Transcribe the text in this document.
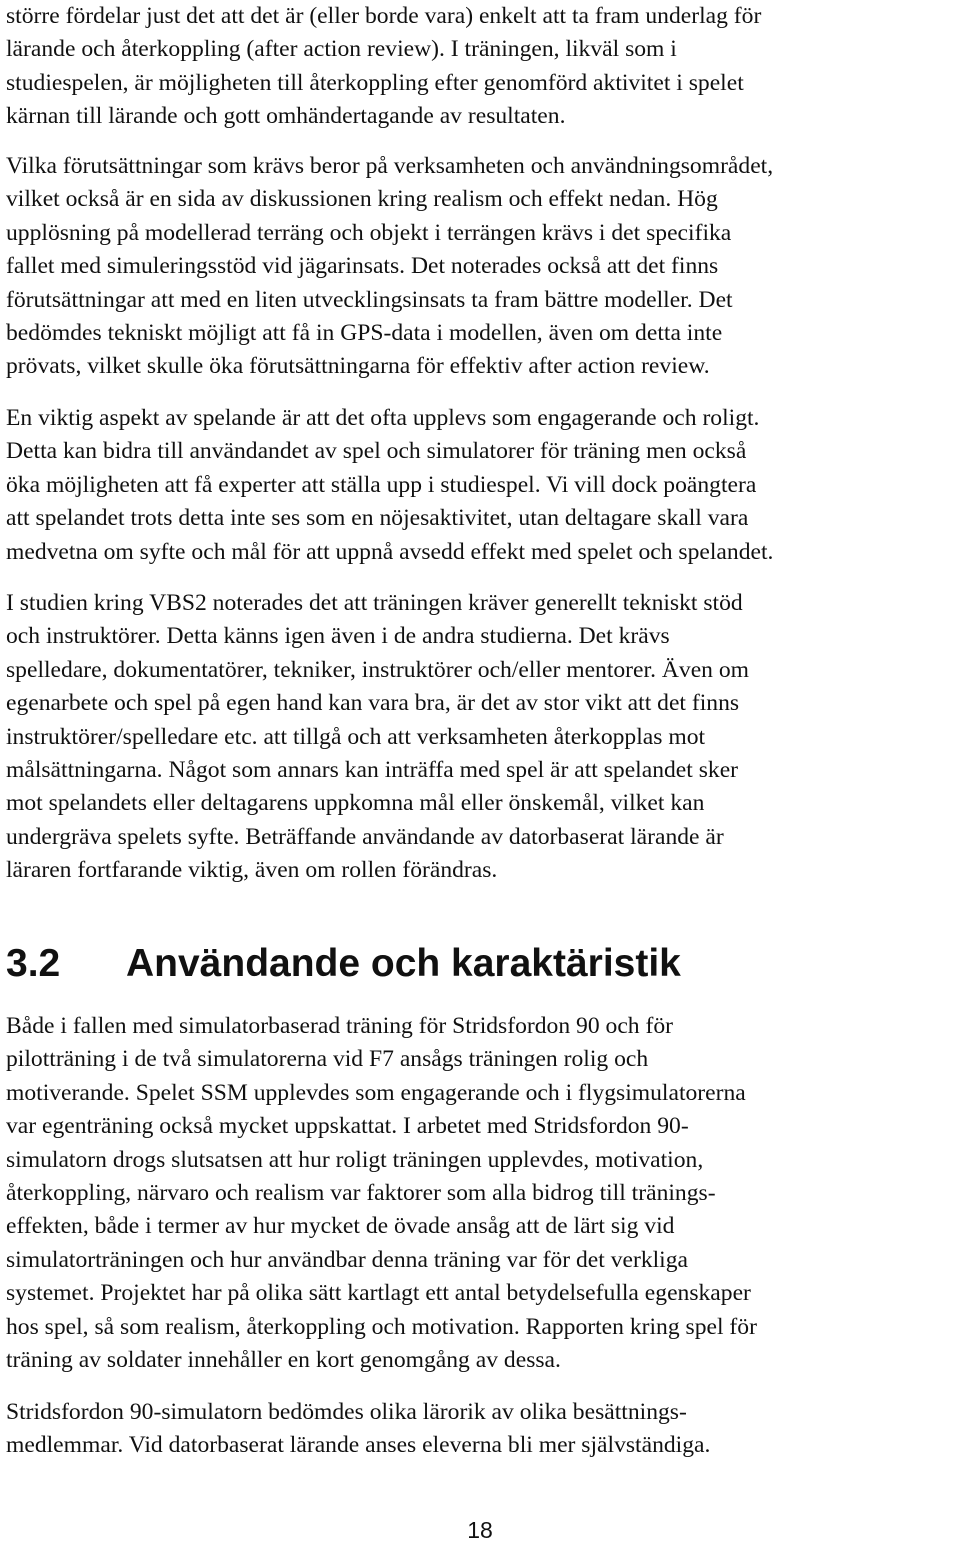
större fördelar just det att det är (eller borde vara) enkelt att ta fram underlag för
lärande och återkoppling (after action review). I träningen, likväl som i
studiespelen, är möjligheten till återkoppling efter genomförd aktivitet i spelet
kärnan till lärande och gott omhändertagande av resultaten.
Vilka förutsättningar som krävs beror på verksamheten och användningsområdet,
vilket också är en sida av diskussionen kring realism och effekt nedan. Hög
upplösning på modellerad terräng och objekt i terrängen krävs i det specifika
fallet med simuleringsstöd vid jägarinsats. Det noterades också att det finns
förutsättningar att med en liten utvecklingsinsats ta fram bättre modeller. Det
bedömdes tekniskt möjligt att få in GPS-data i modellen, även om detta inte
prövats, vilket skulle öka förutsättningarna för effektiv after action review.
En viktig aspekt av spelande är att det ofta upplevs som engagerande och roligt.
Detta kan bidra till användandet av spel och simulatorer för träning men också
öka möjligheten att få experter att ställa upp i studiespel. Vi vill dock poängtera
att spelandet trots detta inte ses som en nöjesaktivitet, utan deltagare skall vara
medvetna om syfte och mål för att uppnå avsedd effekt med spelet och spelandet.
I studien kring VBS2 noterades det att träningen kräver generellt tekniskt stöd
och instruktörer. Detta känns igen även i de andra studierna. Det krävs
spelledare, dokumentatörer, tekniker, instruktörer och/eller mentorer. Även om
egenarbete och spel på egen hand kan vara bra, är det av stor vikt att det finns
instruktörer/spelledare etc. att tillgå och att verksamheten återkopplas mot
målsättningarna. Något som annars kan inträffa med spel är att spelandet sker
mot spelandets eller deltagarens uppkomna mål eller önskemål, vilket kan
undergräva spelets syfte. Beträffande användande av datorbaserat lärande är
läraren fortfarande viktig, även om rollen förändras.
3.2 Användande och karaktäristik
Både i fallen med simulatorbaserad träning för Stridsfordon 90 och för
pilotträning i de två simulatorerna vid F7 ansågs träningen rolig och
motiverande. Spelet SSM upplevdes som engagerande och i flygsimulatorerna
var egenträning också mycket uppskattat. I arbetet med Stridsfordon 90-
simulatorn drogs slutsatsen att hur roligt träningen upplevdes, motivation,
återkoppling, närvaro och realism var faktorer som alla bidrog till tränings-
effekten, både i termer av hur mycket de övade ansåg att de lärt sig vid
simulatorträningen och hur användbar denna träning var för det verkliga
systemet. Projektet har på olika sätt kartlagt ett antal betydelsefulla egenskaper
hos spel, så som realism, återkoppling och motivation. Rapporten kring spel för
träning av soldater innehåller en kort genomgång av dessa.
Stridsfordon 90-simulatorn bedömdes olika lärorik av olika besättnings-
medlemmar. Vid datorbaserat lärande anses eleverna bli mer självständiga.
18
